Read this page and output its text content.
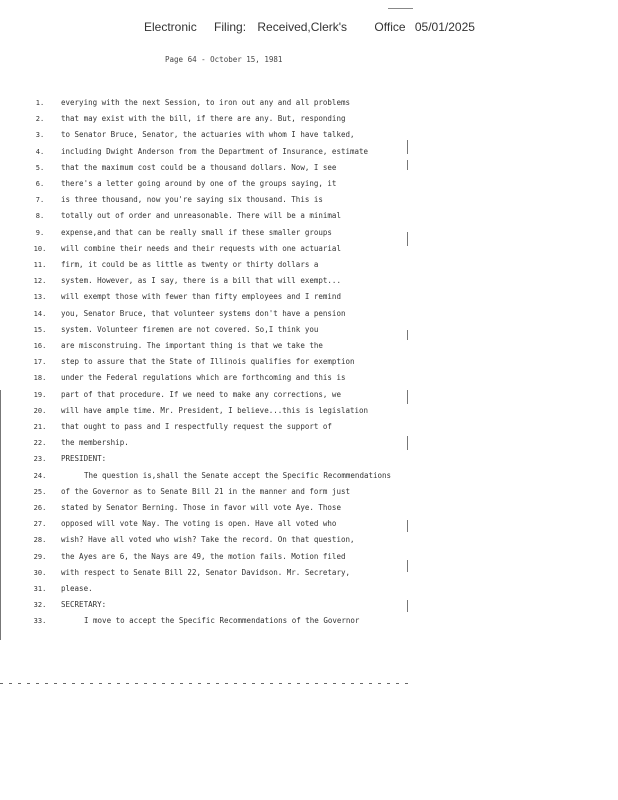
Electronic Filing: Received,Clerk's Office 05/01/2025
Page 64 - October 15, 1981
1.	everying with the next Session, to iron out any and all problems
2.	that may exist with the bill, if there are any. But, responding
3.	to Senator Bruce, Senator, the actuaries with whom I have talked,
4.	including Dwight Anderson from the Department of Insurance, estimate
5.	that the maximum cost could be a thousand dollars. Now, I see
6.	there's a letter going around by one of the groups saying, it
7.	is three thousand, now you're saying six thousand. This is
8.	totally out of order and unreasonable. There will be a minimal
9.	expense,and that can be really small if these smaller groups
10. will combine their needs and their requests with one actuarial
11. firm, it could be as little as twenty or thirty dollars a
12. system. However, as I say, there is a bill that will exempt...
13. will exempt those with fewer than fifty employees and I remind
14. you, Senator Bruce, that volunteer systems don't have a pension
15. system. Volunteer firemen are not covered. So,I think you
16. are misconstruing. The important thing is that we take the
17. step to assure that the State of Illinois qualifies for exemption
18. under the Federal regulations which are forthcoming and this is
19. part of that procedure. If we need to make any corrections, we
20. will have ample time. Mr. President, I believe...this is legislation
21. that ought to pass and I respectfully request the support of
22. the membership.
23. PRESIDENT:
24.	The question is,shall the Senate accept the Specific Recommendations
25. of the Governor as to Senate Bill 21 in the manner and form just
26. stated by Senator Berning. Those in favor will vote Aye. Those
27. opposed will vote Nay. The voting is open. Have all voted who
28. wish? Have all voted who wish? Take the record. On that question,
29. the Ayes are 6, the Nays are 49, the motion fails. Motion filed
30. with respect to Senate Bill 22, Senator Davidson. Mr. Secretary,
31. please.
32. SECRETARY:
33.	I move to accept the Specific Recommendations of the Governor
